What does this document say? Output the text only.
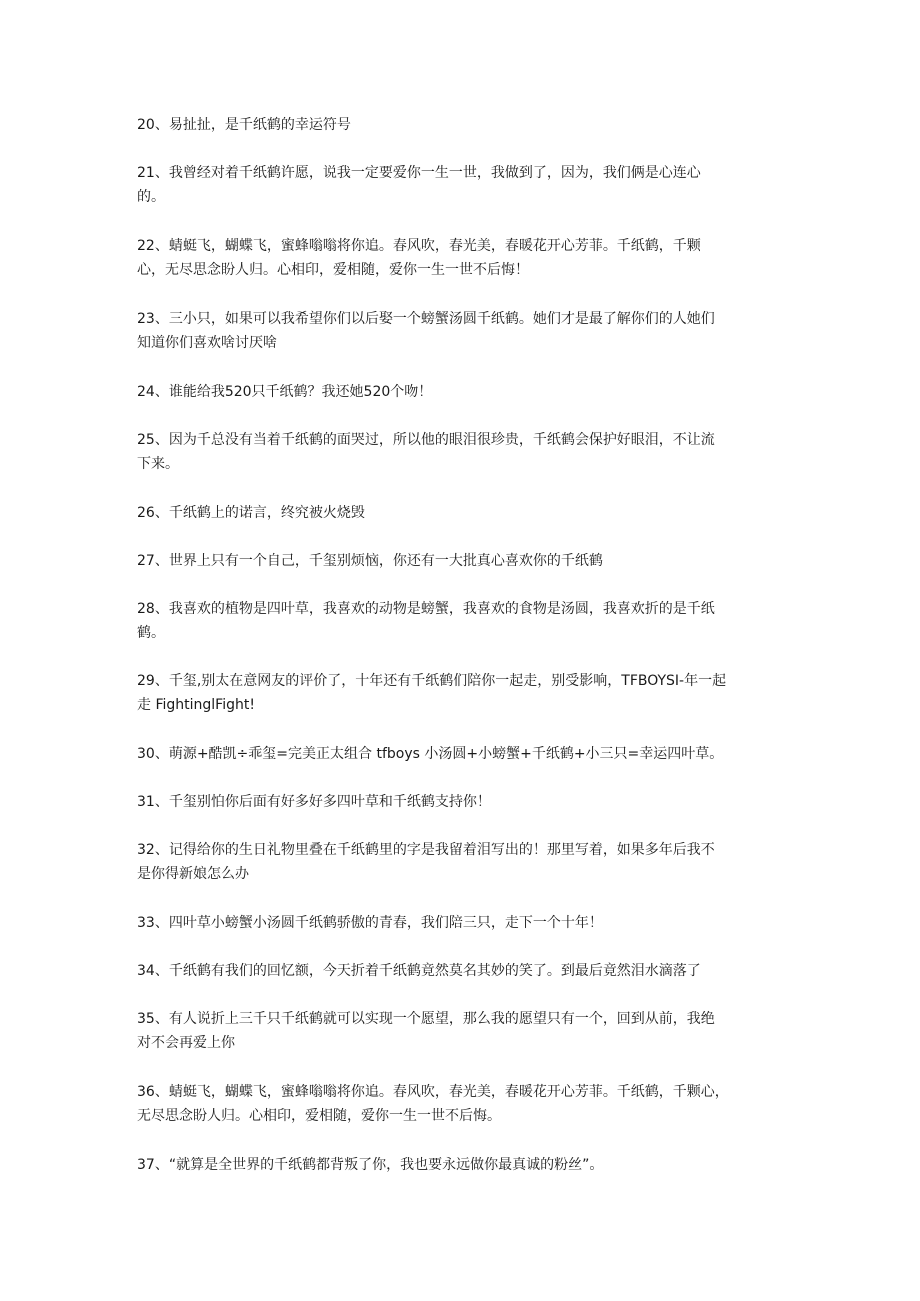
20、易扯扯，是千纸鹤的幸运符号

21、我曾经对着千纸鹤许愿，说我一定要爱你一生一世，我做到了，因为，我们俩是心连心
的。

22、蜻蜓飞，蝴蝶飞，蜜蜂嗡嗡将你追。春风吹，春光美，春暖花开心芳菲。千纸鹤，千颗
心，无尽思念盼人归。心相印，爱相随，爱你一生一世不后悔！

23、三小只，如果可以我希望你们以后娶一个螃蟹汤圆千纸鹤。她们才是最了解你们的人她们
知道你们喜欢啥讨厌啥

24、谁能给我520只千纸鹤？我还她520个吻！

25、因为千总没有当着千纸鹤的面哭过，所以他的眼泪很珍贵，千纸鹤会保护好眼泪，不让流
下来。

26、千纸鹤上的诺言，终究被火烧毁

27、世界上只有一个自己，千玺别烦恼，你还有一大批真心喜欢你的千纸鹤

28、我喜欢的植物是四叶草，我喜欢的动物是螃蟹，我喜欢的食物是汤圆，我喜欢折的是千纸
鹤。

29、千玺,别太在意网友的评价了，十年还有千纸鹤们陪你一起走，别受影响，TFBOYSI-年一起
走 FightinglFight!

30、萌源+酷凯÷乖玺=完美正太组合 tfboys 小汤圆+小螃蟹+千纸鹤+小三只=幸运四叶草。

31、千玺别怕你后面有好多好多四叶草和千纸鹤支持你！

32、记得给你的生日礼物里叠在千纸鹤里的字是我留着泪写出的！那里写着，如果多年后我不
是你得新娘怎么办

33、四叶草小螃蟹小汤圆千纸鹤骄傲的青春，我们陪三只，走下一个十年！

34、千纸鹤有我们的回忆额，今天折着千纸鹤竟然莫名其妙的笑了。到最后竟然泪水滴落了

35、有人说折上三千只千纸鹤就可以实现一个愿望，那么我的愿望只有一个，回到从前，我绝
对不会再爱上你

36、蜻蜓飞，蝴蝶飞，蜜蜂嗡嗡将你追。春风吹，春光美，春暖花开心芳菲。千纸鹤，千颗心，
无尽思念盼人归。心相印，爱相随，爱你一生一世不后悔。

37、“就算是全世界的千纸鹤都背叛了你，我也要永远做你最真诚的粉丝”。
